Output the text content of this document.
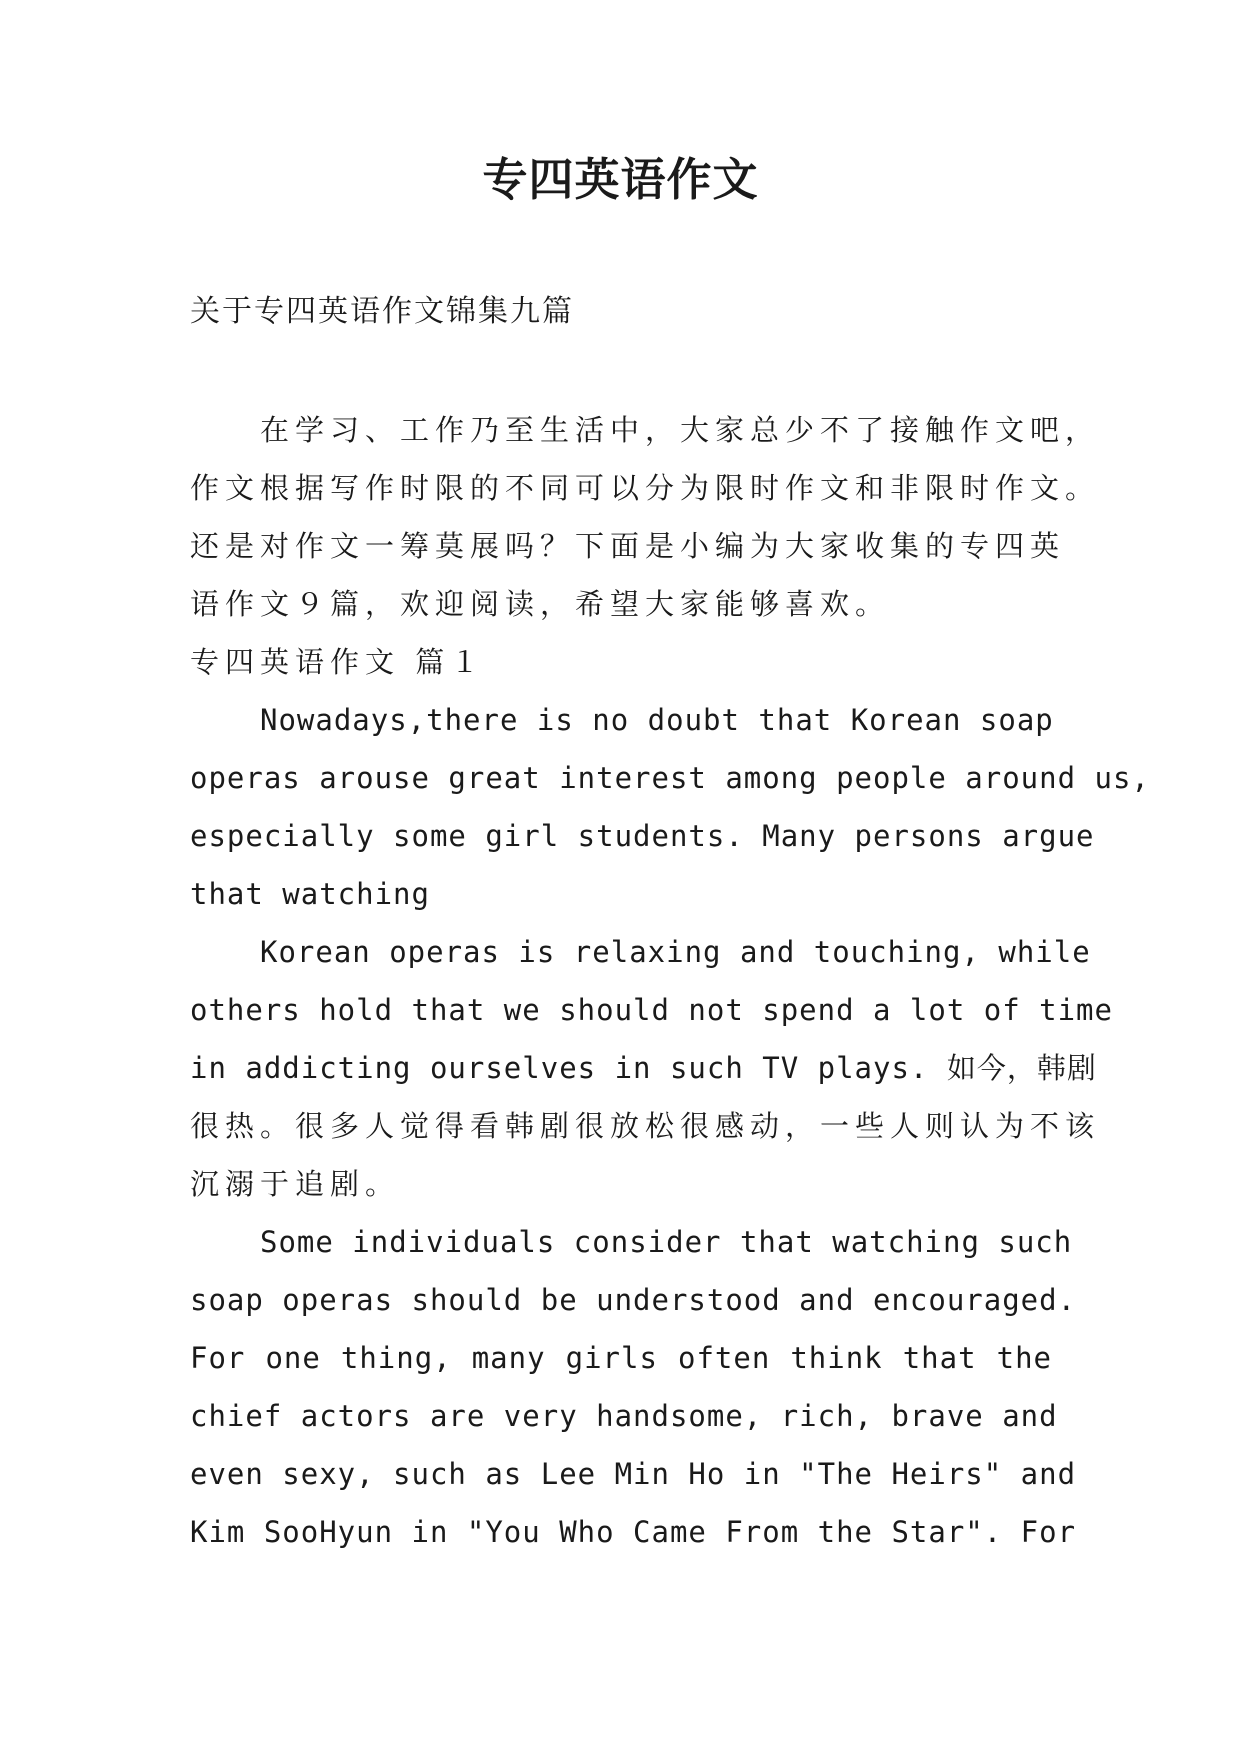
专四英语作文
关于专四英语作文锦集九篇
在学习、工作乃至生活中，大家总少不了接触作文吧，
作文根据写作时限的不同可以分为限时作文和非限时作文。
还是对作文一筹莫展吗？下面是小编为大家收集的专四英
语作文９篇，欢迎阅读，希望大家能够喜欢。
专四英语作文 篇１
Nowadays,there is no doubt that Korean soap
operas arouse great interest among people around us,
especially some girl students. Many persons argue
that watching
Korean operas is relaxing and touching, while
others hold that we should not spend a lot of time
in addicting ourselves in such TV plays. 如今，韩剧
很热。很多人觉得看韩剧很放松很感动，一些人则认为不该
沉溺于追剧。
Some individuals consider that watching such
soap operas should be understood and encouraged.
For one thing, many girls often think that the
chief actors are very handsome, rich, brave and
even sexy, such as Lee Min Ho in "The Heirs" and
Kim SooHyun in "You Who Came From the Star". For
